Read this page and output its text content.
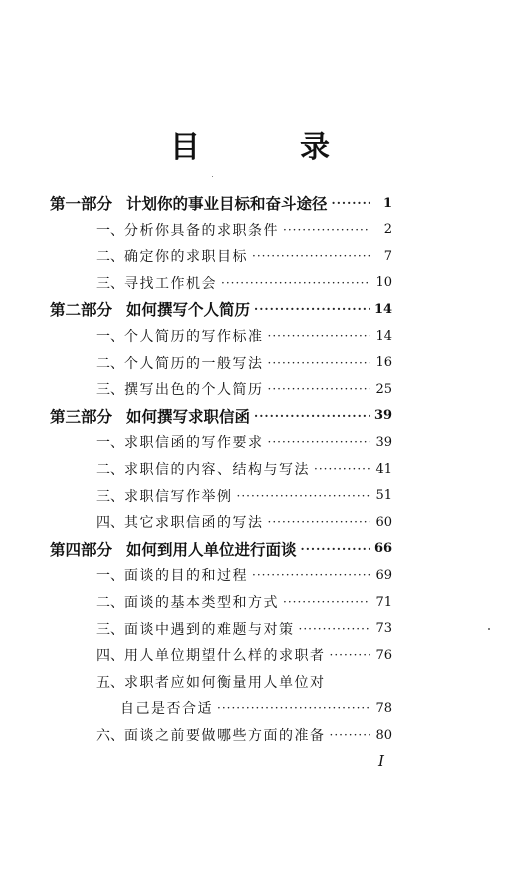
目	录
第一部分 计划你的事业目标和奋斗途径 ·····	1
一、 分析你具备的求职条件 ·····	2
二、 确定你的求职目标 ·····	7
三、 寻找工作机会 ·····	10
第二部分 如何撰写个人简历 ·····	14
一、 个人简历的写作标准 ·····	14
二、 个人简历的一般写法 ·····	16
三、 撰写出色的个人简历 ·····	25
第三部分 如何撰写求职信函 ·····	39
一、 求职信函的写作要求 ·····	39
二、 求职信的内容、结构与写法 ·····	41
三、 求职信写作举例 ·····	51
四、 其它求职信函的写法 ·····	60
第四部分 如何到用人单位进行面谈 ·····	66
一、 面谈的目的和过程 ·····	69
二、 面谈的基本类型和方式 ·····	71
三、 面谈中遇到的难题与对策 ·····	73
四、 用人单位期望什么样的求职者 ·····	76
五、 求职者应如何衡量用人单位对
自己是否合适 ·····	78
六、 面谈之前要做哪些方面的准备 ·····	80
I
